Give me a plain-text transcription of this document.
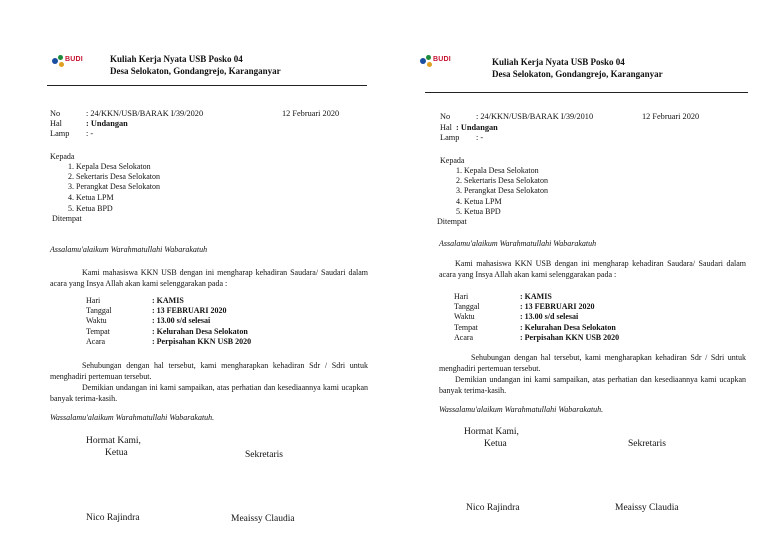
BUDI	Kuliah Kerja Nyata USB Posko 04
Desa Selokaton, Gondangrejo, Karanganyar
No	: 24/KKN/USB/BARAK I/39/2020	12 Februari 2020
Hal	: Undangan
Lamp : -
Kepada
1. Kepala Desa Selokaton
2. Sekertaris Desa Selokaton
3. Perangkat Desa Selokaton
4. Ketua LPM
5. Ketua BPD
Ditempat
Assalamu'alaikum Warahmatullahi Wabarakatuh
Kami mahasiswa KKN USB dengan ini mengharap kehadiran Saudara/ Saudari dalam acara yang Insya Allah akan kami selenggarakan pada :
Hari	: KAMIS
Tanggal	: 13 FEBRUARI 2020
Waktu	: 13.00 s/d selesai
Tempat	: Kelurahan Desa Selokaton
Acara	: Perpisahan KKN USB 2020
Sehubungan dengan hal tersebut, kami mengharapkan kehadiran Sdr / Sdri untuk menghadiri pertemuan tersebut.
Demikian undangan ini kami sampaikan, atas perhatian dan kesediaannya kami ucapkan banyak terima-kasih.
Wassalamu'alaikum Warahmatullahi Wabarakatuh.
Hormat Kami,
Ketua	Sekretaris
Nico Rajindra	Meaissy Claudia
BUDI	Kuliah Kerja Nyata USB Posko 04
Desa Selokaton, Gondangrejo, Karanganyar
No	: 24/KKN/USB/BARAK I/39/2010	12 Februari 2020
Hal : Undangan
Lamp : -
Kepada
1. Kepala Desa Selokaton
2. Sekertaris Desa Selokaton
3. Perangkat Desa Selokaton
4. Ketua LPM
5. Ketua BPD
Ditempat
Assalamu'alaikum Warahmatullahi Wabarakatuh
Kami mahasiswa KKN USB dengan ini mengharap kehadiran Saudara/ Saudari dalam acara yang Insya Allah akan kami selenggarakan pada :
Hari	: KAMIS
Tanggal	: 13 FEBRUARI 2020
Waktu	: 13.00 s/d selesai
Tempat	: Kelurahan Desa Selokaton
Acara	: Perpisahan KKN USB 2020
Sehubungan dengan hal tersebut, kami mengharapkan kehadiran Sdr / Sdri untuk menghadiri pertemuan tersebut.
Demikian undangan ini kami sampaikan, atas perhatian dan kesediaannya kami ucapkan banyak terima-kasih.
Wassalamu'alaikum Warahmatullahi Wabarakatuh.
Hormat Kami,
Ketua	Sekretaris
Nico Rajindra	Meaissy Claudia
